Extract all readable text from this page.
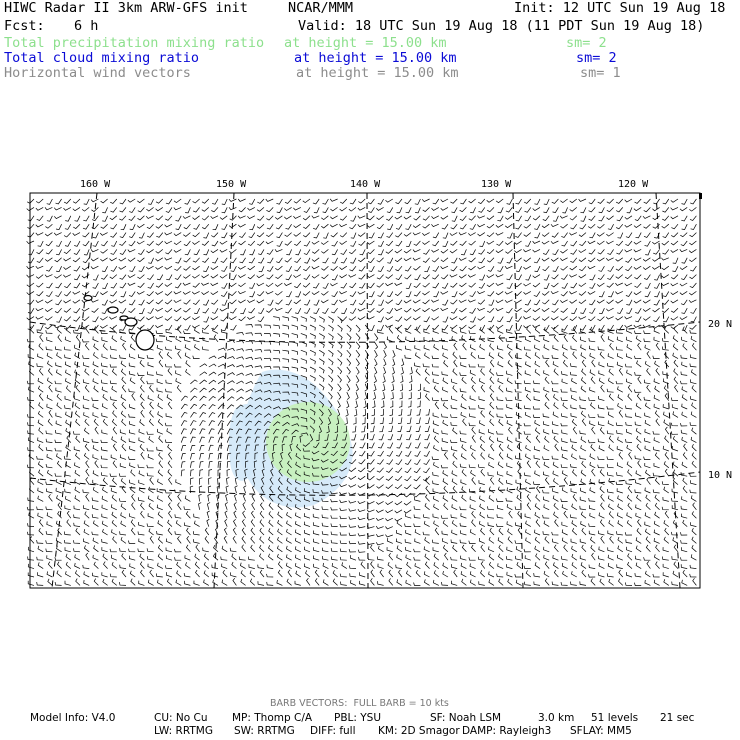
HIWC Radar II 3km ARW-GFS init	NCAR/MMM	Init: 12 UTC Sun 19 Aug 18
Fcst: 6 h	Valid: 18 UTC Sun 19 Aug 18 (11 PDT Sun 19 Aug 18)
Total precipitation mixing ratio at height = 15.00 km	sm= 2
Total cloud mixing ratio	at height = 15.00 km	sm= 2
Horizontal wind vectors	at height = 15.00 km	sm= 1
160 W	150 W	140 W	130 W	120 W
20 N
10 N
BARB VECTORS:  FULL BARB = 10 kts
Model Info: V4.0	CU: No Cu MP: Thomp C/A PBL: YSU	SF: Noah LSM	3.0 km 51 levels 21 sec
LW: RRTMG SW: RRTMG DIFF: full KM: 2D Smagor DAMP: Rayleigh3 SFLAY: MM5
